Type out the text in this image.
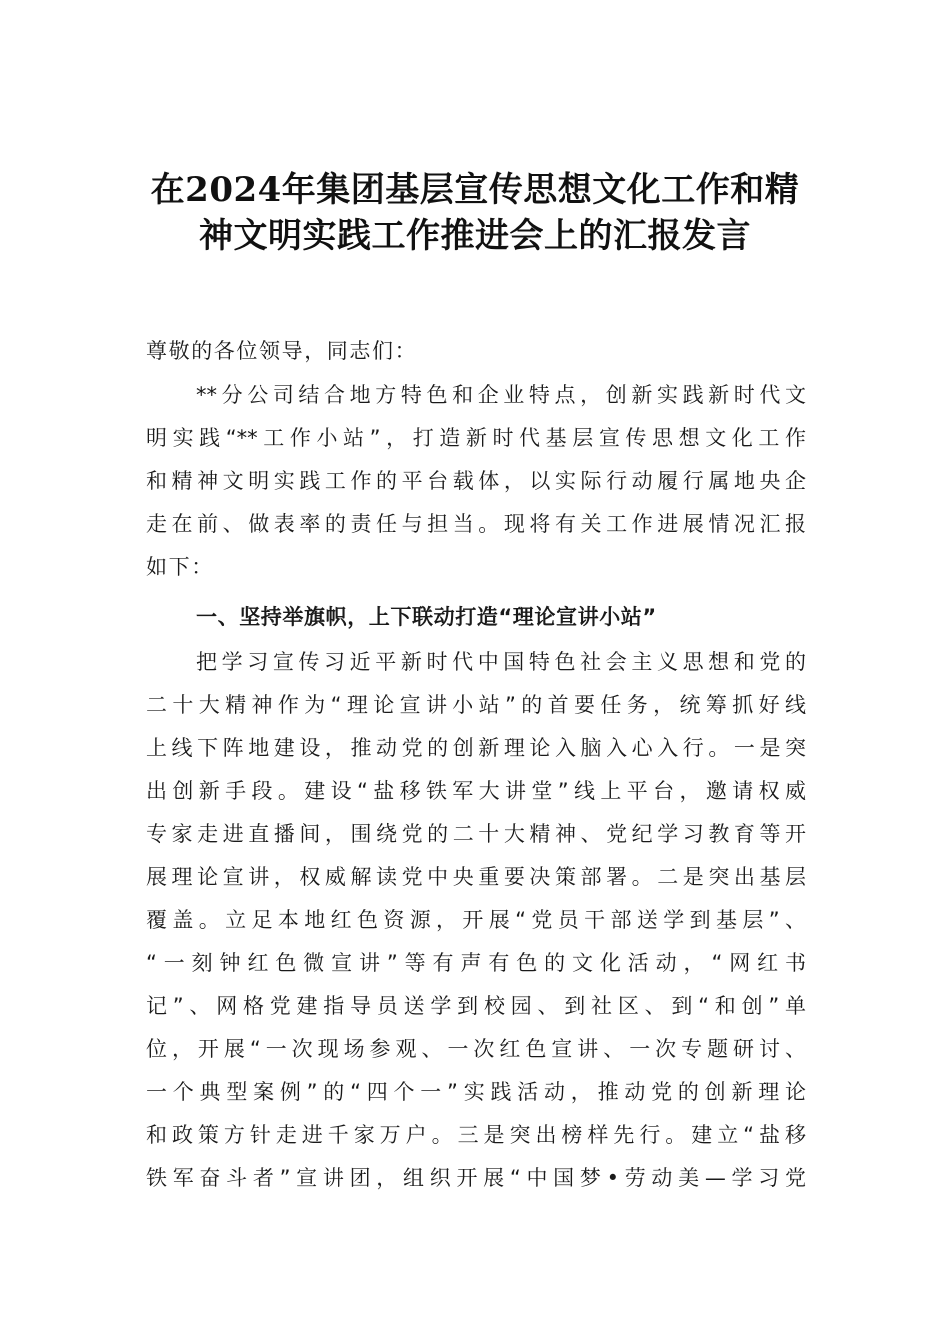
在2024年集团基层宣传思想文化工作和精
神文明实践工作推进会上的汇报发言
尊敬的各位领导，同志们：
**分公司结合地方特色和企业特点，创新实践新时代文
明实践“**工作小站”，打造新时代基层宣传思想文化工作
和精神文明实践工作的平台载体，以实际行动履行属地央企
走在前、做表率的责任与担当。现将有关工作进展情况汇报
如下：
一、坚持举旗帜，上下联动打造“理论宣讲小站”
把学习宣传习近平新时代中国特色社会主义思想和党的
二十大精神作为“理论宣讲小站”的首要任务，统筹抓好线
上线下阵地建设，推动党的创新理论入脑入心入行。一是突
出创新手段。建设“盐移铁军大讲堂”线上平台，邀请权威
专家走进直播间，围绕党的二十大精神、党纪学习教育等开
展理论宣讲，权威解读党中央重要决策部署。二是突出基层
覆盖。立足本地红色资源，开展“党员干部送学到基层”、
“一刻钟红色微宣讲”等有声有色的文化活动，“网红书
记”、网格党建指导员送学到校园、到社区、到“和创”单
位，开展“一次现场参观、一次红色宣讲、一次专题研讨、
一个典型案例”的“四个一”实践活动，推动党的创新理论
和政策方针走进千家万户。三是突出榜样先行。建立“盐移
铁军奋斗者”宣讲团，组织开展“中国梦•劳动美—学习党
